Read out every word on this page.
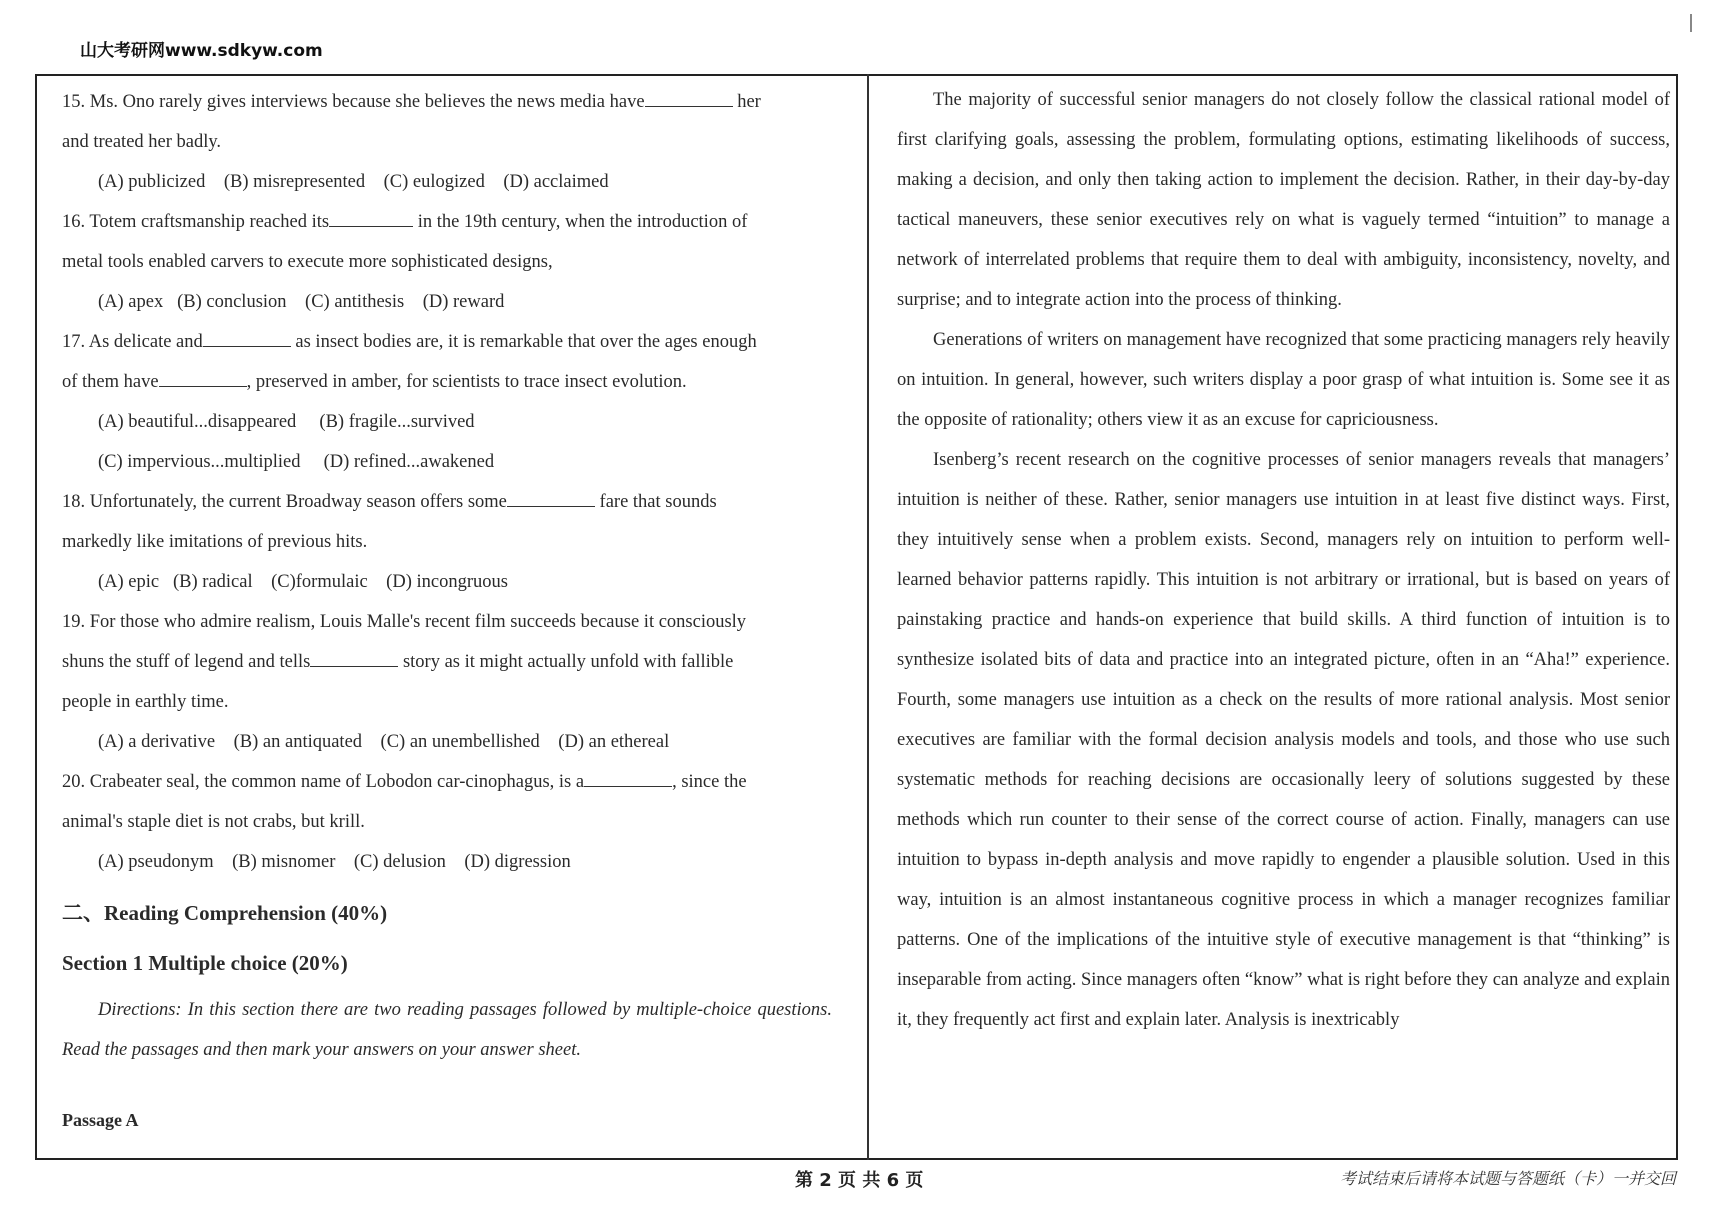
山大考研网www.sdkyw.com
15. Ms. Ono rarely gives interviews because she believes the news media have	her
and treated her badly.
(A) publicized    (B) misrepresented    (C) eulogized    (D) acclaimed
16. Totem craftsmanship reached its	in the 19th century, when the introduction of
metal tools enabled carvers to execute more sophisticated designs,
(A) apex   (B) conclusion    (C) antithesis    (D) reward
17. As delicate and	as insect bodies are, it is remarkable that over the ages enough
of them have	, preserved in amber, for scientists to trace insect evolution.
(A) beautiful...disappeared     (B) fragile...survived
(C) impervious...multiplied     (D) refined...awakened
18. Unfortunately, the current Broadway season offers some	fare that sounds
markedly like imitations of previous hits.
(A) epic   (B) radical    (C)formulaic    (D) incongruous
19. For those who admire realism, Louis Malle's recent film succeeds because it consciously
shuns the stuff of legend and tells	story as it might actually unfold with fallible
people in earthly time.
(A) a derivative    (B) an antiquated    (C) an unembellished    (D) an ethereal
20. Crabeater seal, the common name of Lobodon car-cinophagus, is a	, since the
animal's staple diet is not crabs, but krill.
(A) pseudonym    (B) misnomer    (C) delusion    (D) digression
二、Reading Comprehension (40%)
Section 1 Multiple choice (20%)
Directions: In this section there are two reading passages followed by multiple-choice questions. Read the passages and then mark your answers on your answer sheet.
Passage A
The majority of successful senior managers do not closely follow the classical rational model of first clarifying goals, assessing the problem, formulating options, estimating likelihoods of success, making a decision, and only then taking action to implement the decision. Rather, in their day-by-day tactical maneuvers, these senior executives rely on what is vaguely termed “intuition” to manage a network of interrelated problems that require them to deal with ambiguity, inconsistency, novelty, and surprise; and to integrate action into the process of thinking.
Generations of writers on management have recognized that some practicing managers rely heavily on intuition. In general, however, such writers display a poor grasp of what intuition is. Some see it as the opposite of rationality; others view it as an excuse for capriciousness.
Isenberg’s recent research on the cognitive processes of senior managers reveals that managers’ intuition is neither of these. Rather, senior managers use intuition in at least five distinct ways. First, they intuitively sense when a problem exists. Second, managers rely on intuition to perform well-learned behavior patterns rapidly. This intuition is not arbitrary or irrational, but is based on years of painstaking practice and hands-on experience that build skills. A third function of intuition is to synthesize isolated bits of data and practice into an integrated picture, often in an “Aha!” experience. Fourth, some managers use intuition as a check on the results of more rational analysis. Most senior executives are familiar with the formal decision analysis models and tools, and those who use such systematic methods for reaching decisions are occasionally leery of solutions suggested by these methods which run counter to their sense of the correct course of action. Finally, managers can use intuition to bypass in-depth analysis and move rapidly to engender a plausible solution. Used in this way, intuition is an almost instantaneous cognitive process in which a manager recognizes familiar patterns. One of the implications of the intuitive style of executive management is that “thinking” is inseparable from acting. Since managers often “know” what is right before they can analyze and explain it, they frequently act first and explain later. Analysis is inextricably
第 2 页 共 6 页	考试结束后请将本试题与答题纸（卡）一并交回
